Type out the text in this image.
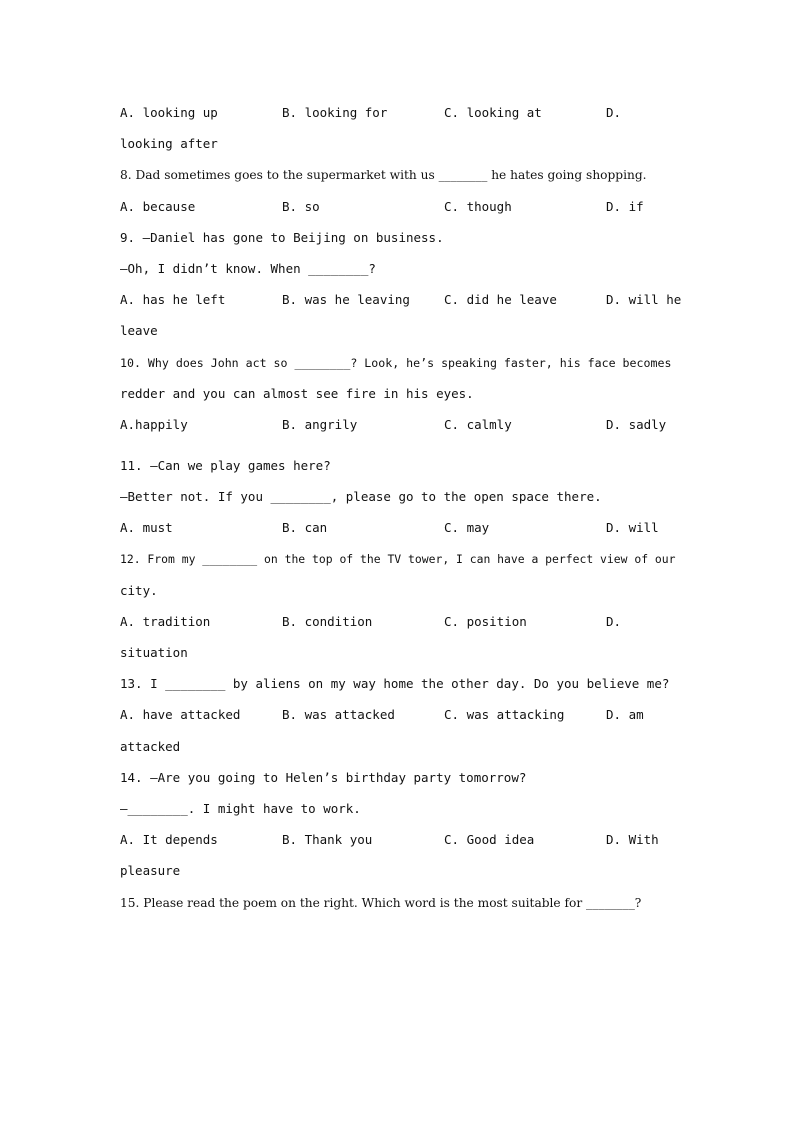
A. looking up	B. looking for	C. looking at	D.
looking after
8. Dad sometimes goes to the supermarket with us ________ he hates going shopping.
A. because	B. so	C. though	D. if
9. —Daniel has gone to Beijing on business.
—Oh, I didn’t know. When ________?
A. has he left	B. was he leaving	C. did he leave	D. will he
leave
10. Why does John act so ________? Look, he’s speaking faster, his face becomes
redder and you can almost see fire in his eyes.
A.happily	B. angrily	C. calmly	D. sadly
11. —Can we play games here?
—Better not. If you ________, please go to the open space there.
A. must	B. can	C. may	D. will
12. From my ________ on the top of the TV tower, I can have a perfect view of our
city.
A. tradition	B. condition	C. position	D.
situation
13. I ________ by aliens on my way home the other day. Do you believe me?
A. have attacked	B. was attacked	C. was attacking	D. am
attacked
14. —Are you going to Helen’s birthday party tomorrow?
—________. I might have to work.
A. It depends	B. Thank you	C. Good idea	D. With
pleasure
15. Please read the poem on the right. Which word is the most suitable for ________?
